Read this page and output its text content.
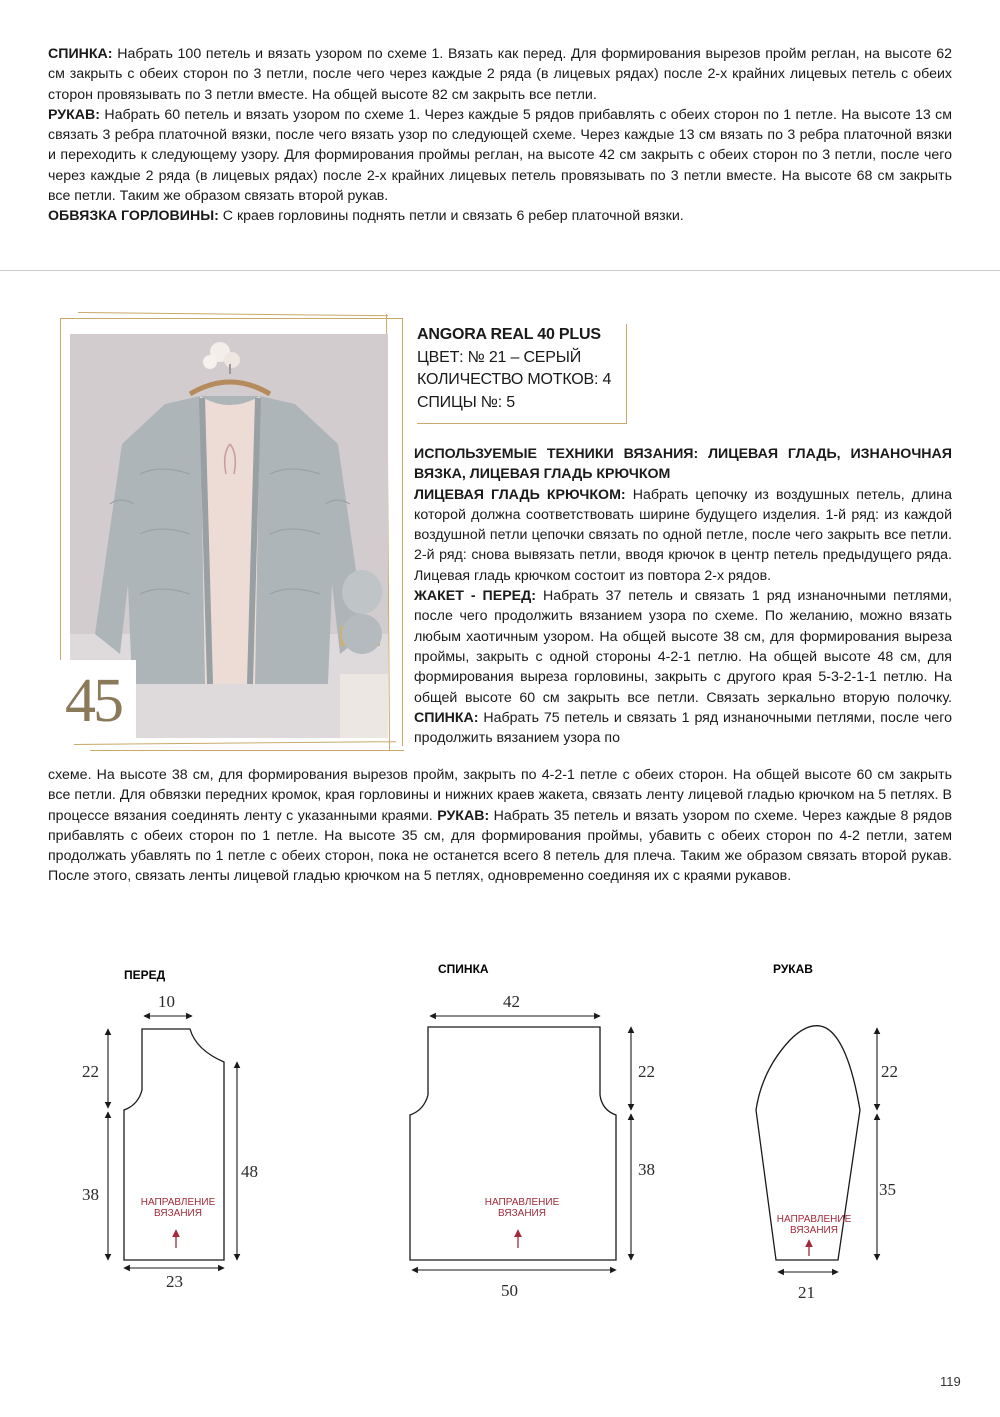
СПИНКА: Набрать 100 петель и вязать узором по схеме 1. Вязать как перед. Для формирования вырезов пройм реглан, на высоте 62 см закрыть с обеих сторон по 3 петли, после чего через каждые 2 ряда (в лицевых рядах) после 2-х крайних лицевых петель с обеих сторон провязывать по 3 петли вместе. На общей высоте 82 см закрыть все петли.
РУКАВ: Набрать 60 петель и вязать узором по схеме 1. Через каждые 5 рядов прибавлять с обеих сторон по 1 петле. На высоте 13 см связать 3 ребра платочной вязки, после чего вязать узор по следующей схеме. Через каждые 13 см вязать по 3 ребра платочной вязки и переходить к следующему узору. Для формирования проймы реглан, на высоте 42 см закрыть с обеих сторон по 3 петли, после чего через каждые 2 ряда (в лицевых рядах) после 2-х крайних лицевых петель провязывать по 3 петли вместе. На высоте 68 см закрыть все петли. Таким же образом связать второй рукав.
ОБВЯЗКА ГОРЛОВИНЫ: С краев горловины поднять петли и связать 6 ребер платочной вязки.
45
ANGORA REAL 40 PLUS
ЦВЕТ: № 21 – СЕРЫЙ
КОЛИЧЕСТВО МОТКОВ: 4
СПИЦЫ №: 5
ИСПОЛЬЗУЕМЫЕ ТЕХНИКИ ВЯЗАНИЯ: ЛИЦЕВАЯ ГЛАДЬ, ИЗНАНОЧНАЯ ВЯЗКА, ЛИЦЕВАЯ ГЛАДЬ КРЮЧКОМ
ЛИЦЕВАЯ ГЛАДЬ КРЮЧКОМ: Набрать цепочку из воздушных петель, длина которой должна соответствовать ширине будущего изделия. 1-й ряд: из каждой воздушной петли цепочки связать по одной петле, после чего закрыть все петли. 2-й ряд: снова вывязать петли, вводя крючок в центр петель предыдущего ряда. Лицевая гладь крючком состоит из повтора 2-х рядов.
ЖАКЕТ - ПЕРЕД: Набрать 37 петель и связать 1 ряд изнаночными петлями, после чего продолжить вязанием узора по схеме. По желанию, можно вязать любым хаотичным узором. На общей высоте 38 см, для формирования выреза проймы, закрыть с одной стороны 4-2-1 петлю. На общей высоте 48 см, для формирования выреза горловины, закрыть с другого края 5-3-2-1-1 петлю. На общей высоте 60 см закрыть все петли. Связать зеркально вторую полочку. СПИНКА: Набрать 75 петель и связать 1 ряд изнаночными петлями, после чего продолжить вязанием узора по
схеме. На высоте 38 см, для формирования вырезов пройм, закрыть по 4-2-1 петле с обеих сторон. На общей высоте 60 см закрыть все петли. Для обвязки передних кромок, края горловины и нижних краев жакета, связать ленту лицевой гладью крючком на 5 петлях. В процессе вязания соединять ленту с указанными краями. РУКАВ: Набрать 35 петель и вязать узором по схеме. Через каждые 8 рядов прибавлять с обеих сторон по 1 петле. На высоте 35 см, для формирования проймы, убавить с обеих сторон по 4-2 петли, затем продолжать убавлять по 1 петле с обеих сторон, пока не останется всего 8 петель для плеча. Таким же образом связать второй рукав. После этого, связать ленты лицевой гладью крючком на 5 петлях, одновременно соединяя их с краями рукавов.
ПЕРЕД
10
22
38
48
23
НАПРАВЛЕНИЕ
ВЯЗАНИЯ
СПИНКА
42
22
38
50
НАПРАВЛЕНИЕ
ВЯЗАНИЯ
РУКАВ
22
35
21
НАПРАВЛЕНИЕ
ВЯЗАНИЯ
119
